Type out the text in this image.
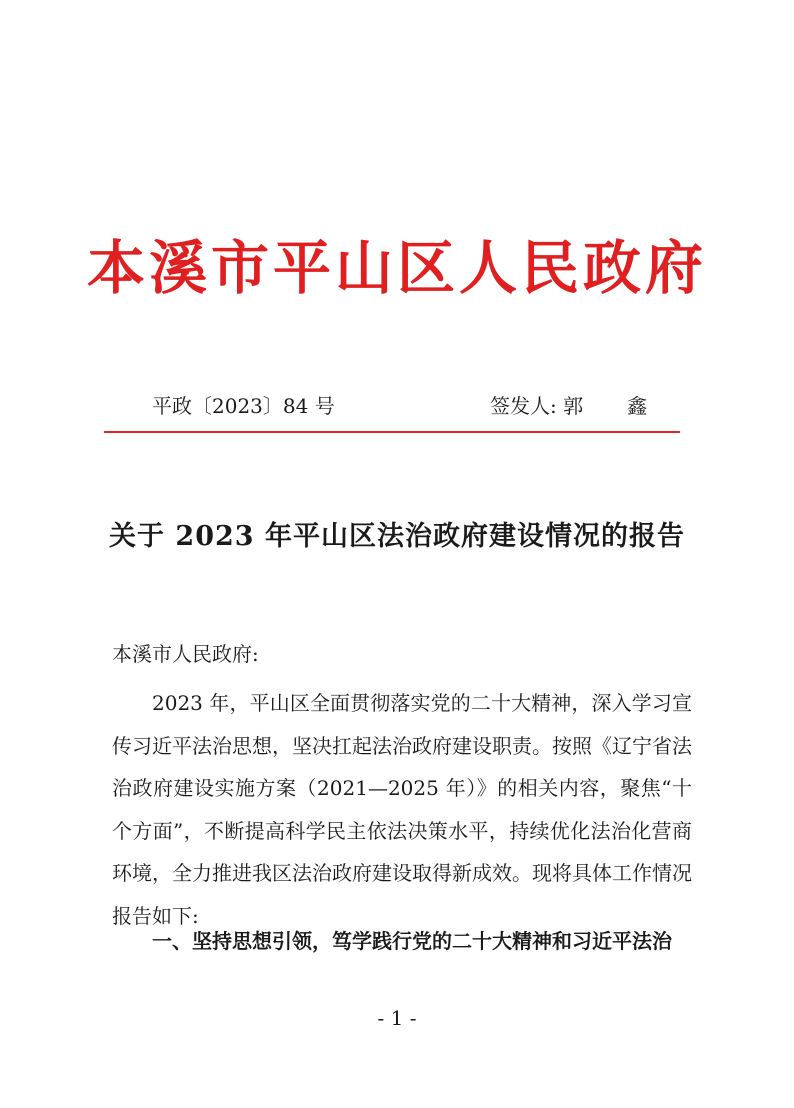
本溪市平山区人民政府
平政〔2023〕84 号	签发人: 郭　鑫
关于 2023 年平山区法治政府建设情况的报告
本溪市人民政府:
2023 年，平山区全面贯彻落实党的二十大精神，深入学习宣传习近平法治思想，坚决扛起法治政府建设职责。按照《辽宁省法治政府建设实施方案（2021—2025 年）》的相关内容，聚焦“十个方面”，不断提高科学民主依法决策水平，持续优化法治化营商环境，全力推进我区法治政府建设取得新成效。现将具体工作情况报告如下:
一、坚持思想引领，笃学践行党的二十大精神和习近平法治
- 1 -
